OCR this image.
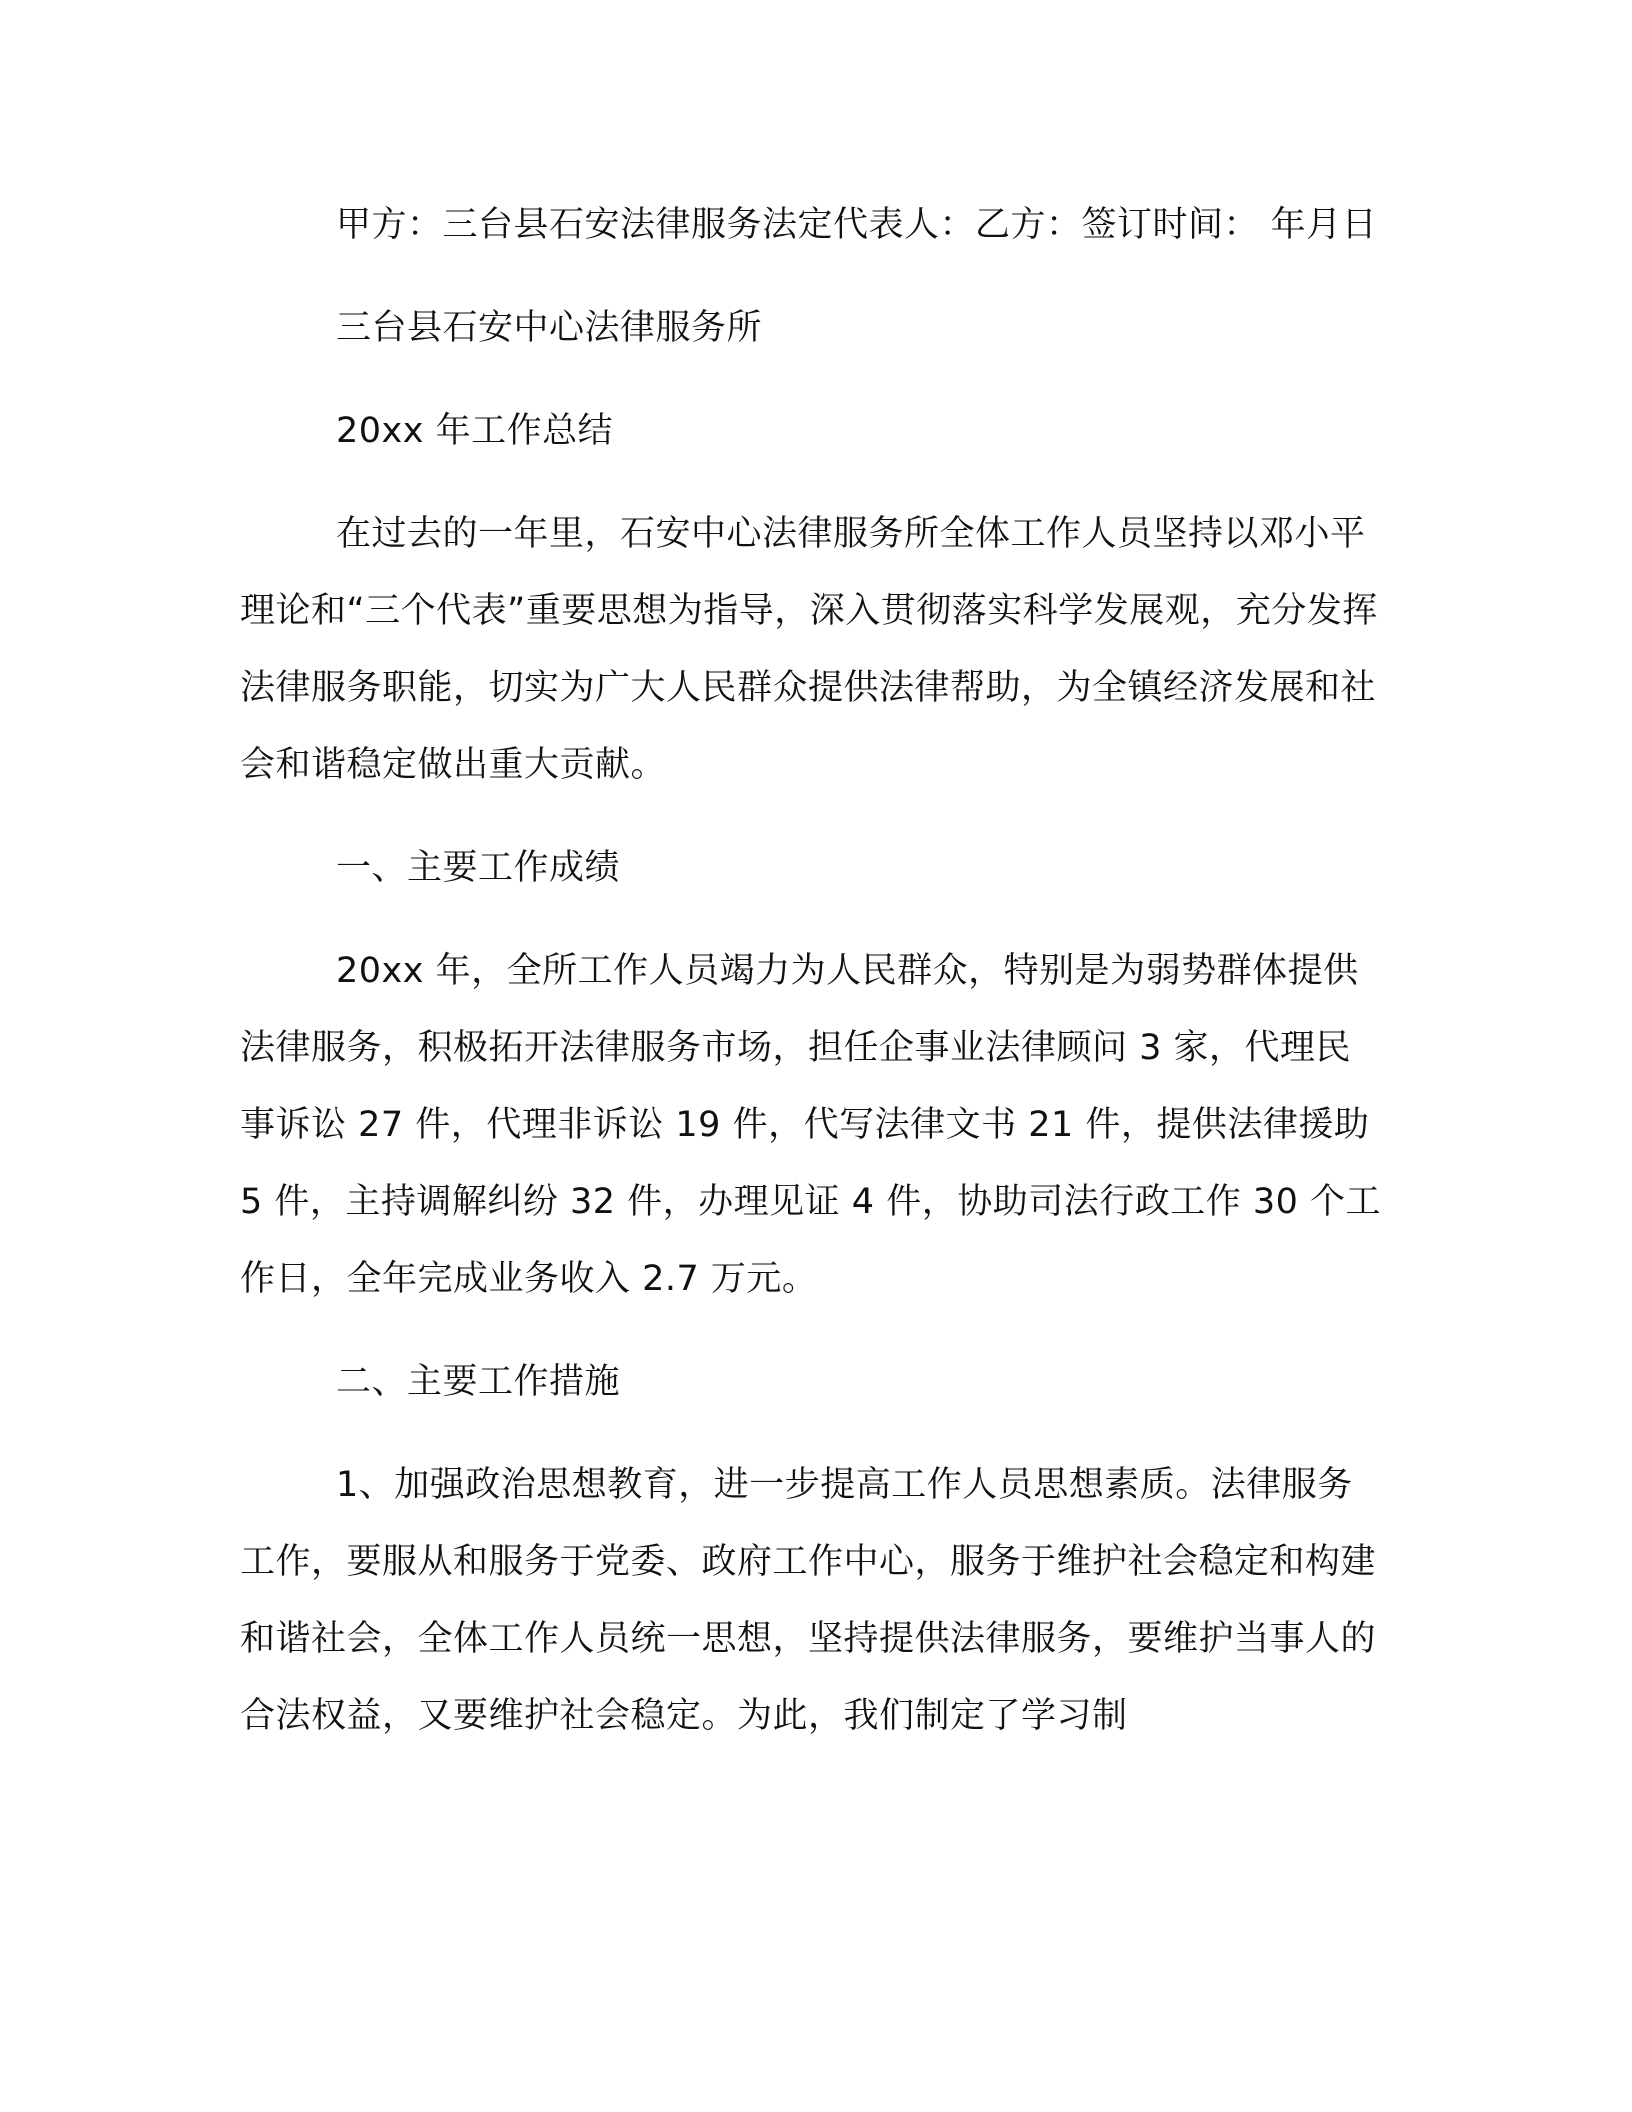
甲方：三台县石安法律服务法定代表人：乙方：签订时间： 年月日

三台县石安中心法律服务所

20xx 年工作总结

在过去的一年里，石安中心法律服务所全体工作人员坚持以邓小平理论和“三个代表”重要思想为指导，深入贯彻落实科学发展观，充分发挥法律服务职能，切实为广大人民群众提供法律帮助，为全镇经济发展和社会和谐稳定做出重大贡献。

一、主要工作成绩

20xx 年，全所工作人员竭力为人民群众，特别是为弱势群体提供法律服务，积极拓开法律服务市场，担任企事业法律顾问 3 家，代理民事诉讼 27 件，代理非诉讼 19 件，代写法律文书 21 件，提供法律援助 5 件，主持调解纠纷 32 件，办理见证 4 件，协助司法行政工作 30 个工作日，全年完成业务收入 2.7 万元。

二、主要工作措施

1、加强政治思想教育，进一步提高工作人员思想素质。法律服务工作，要服从和服务于党委、政府工作中心，服务于维护社会稳定和构建和谐社会，全体工作人员统一思想，坚持提供法律服务，要维护当事人的合法权益，又要维护社会稳定。为此，我们制定了学习制
